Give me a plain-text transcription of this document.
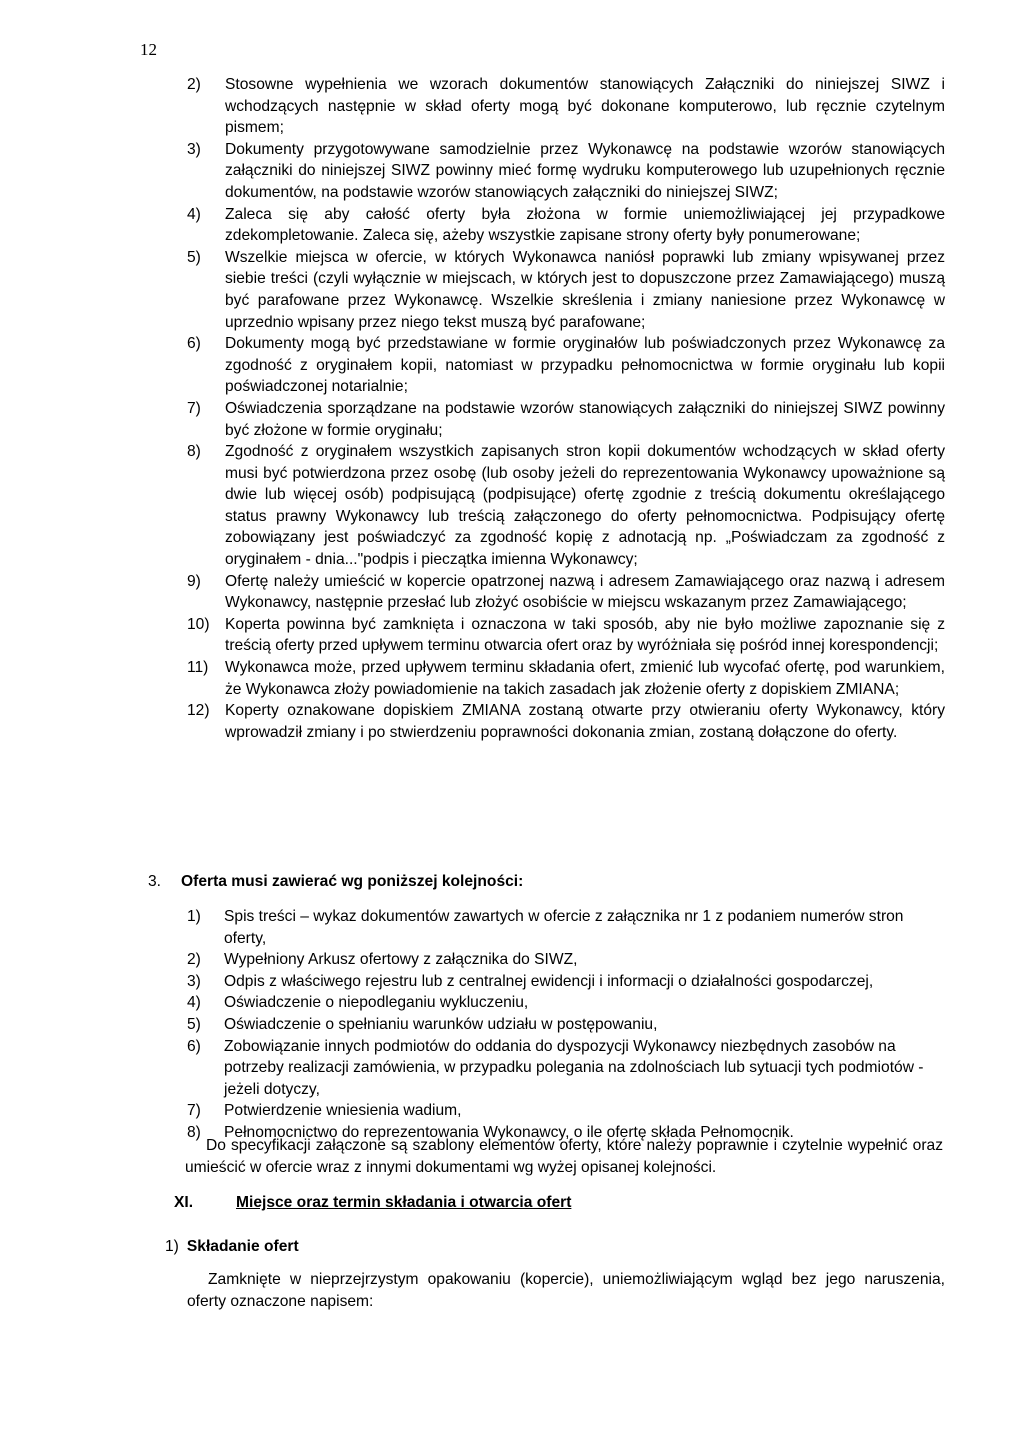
12
2) Stosowne wypełnienia we wzorach dokumentów stanowiących Załączniki do niniejszej SIWZ i wchodzących następnie w skład oferty mogą być dokonane komputerowo, lub ręcznie czytelnym pismem;
3) Dokumenty przygotowywane samodzielnie przez Wykonawcę na podstawie wzorów stanowiących załączniki do niniejszej SIWZ powinny mieć formę wydruku komputerowego lub uzupełnionych ręcznie dokumentów, na podstawie wzorów stanowiących załączniki do niniejszej SIWZ;
4) Zaleca się aby całość oferty była złożona w formie uniemożliwiającej jej przypadkowe zdekompletowanie. Zaleca się, ażeby wszystkie zapisane strony oferty były ponumerowane;
5) Wszelkie miejsca w ofercie, w których Wykonawca naniósł poprawki lub zmiany wpisywanej przez siebie treści (czyli wyłącznie w miejscach, w których jest to dopuszczone przez Zamawiającego) muszą być parafowane przez Wykonawcę. Wszelkie skreślenia i zmiany naniesione przez Wykonawcę w uprzednio wpisany przez niego tekst muszą być parafowane;
6) Dokumenty mogą być przedstawiane w formie oryginałów lub poświadczonych przez Wykonawcę za zgodność z oryginałem kopii, natomiast w przypadku pełnomocnictwa w formie oryginału lub kopii poświadczonej notarialnie;
7) Oświadczenia sporządzane na podstawie wzorów stanowiących załączniki do niniejszej SIWZ powinny być złożone w formie oryginału;
8) Zgodność z oryginałem wszystkich zapisanych stron kopii dokumentów wchodzących w skład oferty musi być potwierdzona przez osobę (lub osoby jeżeli do reprezentowania Wykonawcy upoważnione są dwie lub więcej osób) podpisującą (podpisujące) ofertę zgodnie z treścią dokumentu określającego status prawny Wykonawcy lub treścią załączonego do oferty pełnomocnictwa. Podpisujący ofertę zobowiązany jest poświadczyć za zgodność kopię z adnotacją np. „Poświadczam za zgodność z oryginałem - dnia..."podpis i pieczątka imienna Wykonawcy;
9) Ofertę należy umieścić w kopercie opatrzonej nazwą i adresem Zamawiającego oraz nazwą i adresem Wykonawcy, następnie przesłać lub złożyć osobiście w miejscu wskazanym przez Zamawiającego;
10) Koperta powinna być zamknięta i oznaczona w taki sposób, aby nie było możliwe zapoznanie się z treścią oferty przed upływem terminu otwarcia ofert oraz by wyróżniała się pośród innej korespondencji;
11) Wykonawca może, przed upływem terminu składania ofert, zmienić lub wycofać ofertę, pod warunkiem, że Wykonawca złoży powiadomienie na takich zasadach jak złożenie oferty z dopiskiem ZMIANA;
12) Koperty oznakowane dopiskiem ZMIANA zostaną otwarte przy otwieraniu oferty Wykonawcy, który wprowadził zmiany i po stwierdzeniu poprawności dokonania zmian, zostaną dołączone do oferty.
3. Oferta musi zawierać wg poniższej kolejności:
1) Spis treści – wykaz dokumentów zawartych w ofercie z załącznika nr 1 z podaniem numerów stron oferty,
2) Wypełniony Arkusz ofertowy z załącznika do SIWZ,
3) Odpis z właściwego rejestru lub z centralnej ewidencji i informacji o działalności gospodarczej,
4) Oświadczenie o niepodleganiu wykluczeniu,
5) Oświadczenie o spełnianiu warunków udziału w postępowaniu,
6) Zobowiązanie innych podmiotów do oddania do dyspozycji Wykonawcy niezbędnych zasobów na potrzeby realizacji zamówienia, w przypadku polegania na zdolnościach lub sytuacji tych podmiotów - jeżeli dotyczy,
7) Potwierdzenie wniesienia wadium,
8) Pełnomocnictwo do reprezentowania Wykonawcy, o ile ofertę składa Pełnomocnik.
Do specyfikacji załączone są szablony elementów oferty, które należy poprawnie i czytelnie wypełnić oraz umieścić w ofercie wraz z innymi dokumentami wg wyżej opisanej kolejności.
XI.	Miejsce oraz termin składania i otwarcia ofert
1) Składanie ofert
Zamknięte w nieprzejrzystym opakowaniu (kopercie), uniemożliwiającym wgląd bez jego naruszenia, oferty oznaczone napisem:
